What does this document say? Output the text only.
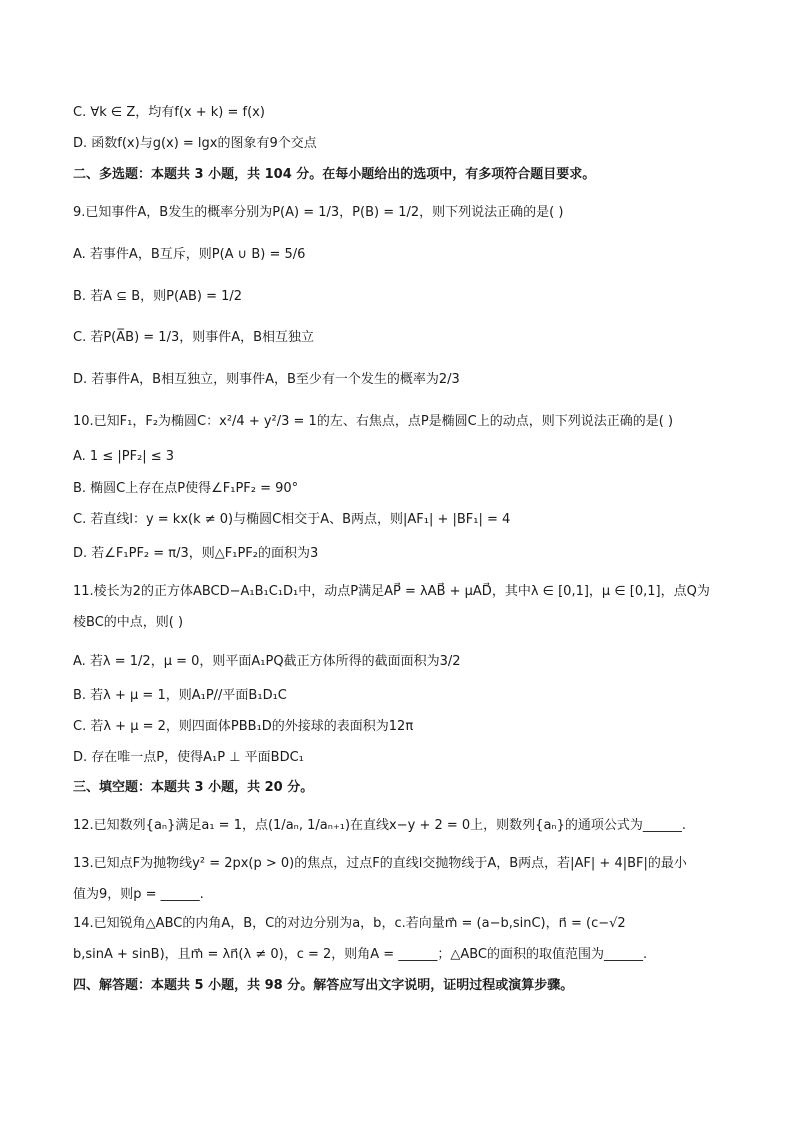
C. ∀k ∈ Z，均有f(x + k) = f(x)
D. 函数f(x)与g(x) = lgx的图象有9个交点
二、多选题：本题共 3 小题，共 104 分。在每小题给出的选项中，有多项符合题目要求。
9.已知事件A，B发生的概率分别为P(A) = 1/3，P(B) = 1/2，则下列说法正确的是( )
A. 若事件A，B互斥，则P(A ∪ B) = 5/6
B. 若A ⊆ B，则P(AB) = 1/2
C. 若P(A̅B) = 1/3，则事件A，B相互独立
D. 若事件A，B相互独立，则事件A，B至少有一个发生的概率为2/3
10.已知F₁，F₂为椭圆C：x²/4 + y²/3 = 1的左、右焦点，点P是椭圆C上的动点，则下列说法正确的是( )
A. 1 ≤ |PF₂| ≤ 3
B. 椭圆C上存在点P使得∠F₁PF₂ = 90°
C. 若直线l：y = kx(k ≠ 0)与椭圆C相交于A、B两点，则|AF₁| + |BF₁| = 4
D. 若∠F₁PF₂ = π/3，则△F₁PF₂的面积为3
11.棱长为2的正方体ABCD−A₁B₁C₁D₁中，动点P满足AP⃗ = λAB⃗ + μAD⃗，其中λ ∈ [0,1]，μ ∈ [0,1]，点Q为
棱BC的中点，则( )
A. 若λ = 1/2，μ = 0，则平面A₁PQ截正方体所得的截面面积为3/2
B. 若λ + μ = 1，则A₁P//平面B₁D₁C
C. 若λ + μ = 2，则四面体PBB₁D的外接球的表面积为12π
D. 存在唯一点P，使得A₁P ⊥ 平面BDC₁
三、填空题：本题共 3 小题，共 20 分。
12.已知数列{aₙ}满足a₁ = 1，点(1/aₙ, 1/aₙ₊₁)在直线x−y + 2 = 0上，则数列{aₙ}的通项公式为______.
13.已知点F为抛物线y² = 2px(p > 0)的焦点，过点F的直线l交抛物线于A，B两点，若|AF| + 4|BF|的最小
值为9，则p = ______.
14.已知锐角△ABC的内角A，B，C的对边分别为a，b，c.若向量m⃗ = (a−b,sinC)，n⃗ = (c−√2
b,sinA + sinB)，且m⃗ = λn⃗(λ ≠ 0)，c = 2，则角A = ______；△ABC的面积的取值范围为______.
四、解答题：本题共 5 小题，共 98 分。解答应写出文字说明，证明过程或演算步骤。
